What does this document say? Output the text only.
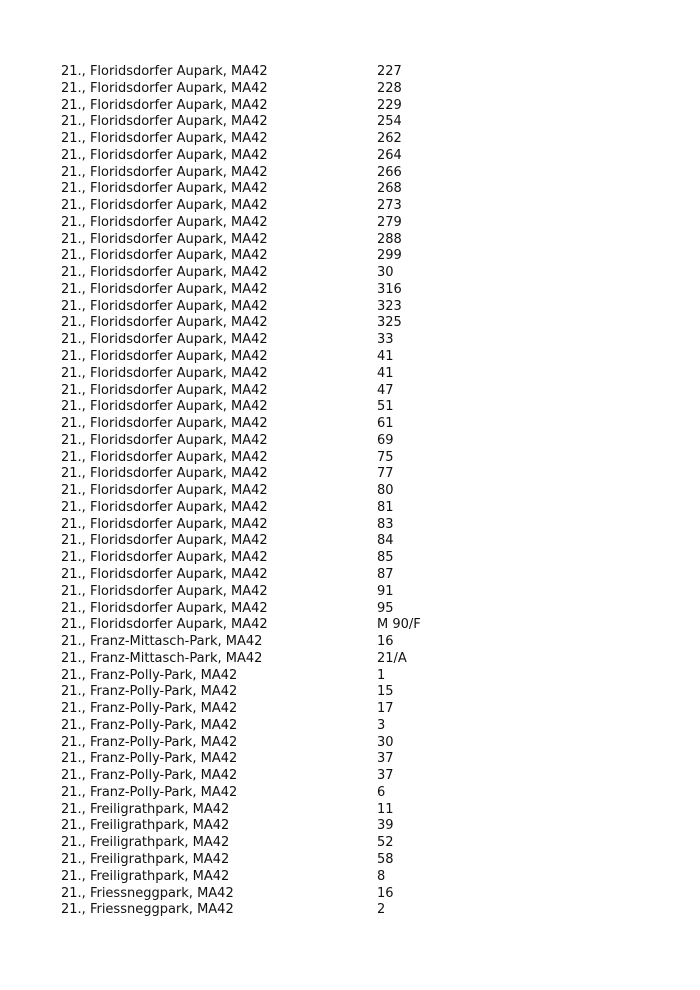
21., Floridsdorfer Aupark, MA42	227
21., Floridsdorfer Aupark, MA42	228
21., Floridsdorfer Aupark, MA42	229
21., Floridsdorfer Aupark, MA42	254
21., Floridsdorfer Aupark, MA42	262
21., Floridsdorfer Aupark, MA42	264
21., Floridsdorfer Aupark, MA42	266
21., Floridsdorfer Aupark, MA42	268
21., Floridsdorfer Aupark, MA42	273
21., Floridsdorfer Aupark, MA42	279
21., Floridsdorfer Aupark, MA42	288
21., Floridsdorfer Aupark, MA42	299
21., Floridsdorfer Aupark, MA42	30
21., Floridsdorfer Aupark, MA42	316
21., Floridsdorfer Aupark, MA42	323
21., Floridsdorfer Aupark, MA42	325
21., Floridsdorfer Aupark, MA42	33
21., Floridsdorfer Aupark, MA42	41
21., Floridsdorfer Aupark, MA42	41
21., Floridsdorfer Aupark, MA42	47
21., Floridsdorfer Aupark, MA42	51
21., Floridsdorfer Aupark, MA42	61
21., Floridsdorfer Aupark, MA42	69
21., Floridsdorfer Aupark, MA42	75
21., Floridsdorfer Aupark, MA42	77
21., Floridsdorfer Aupark, MA42	80
21., Floridsdorfer Aupark, MA42	81
21., Floridsdorfer Aupark, MA42	83
21., Floridsdorfer Aupark, MA42	84
21., Floridsdorfer Aupark, MA42	85
21., Floridsdorfer Aupark, MA42	87
21., Floridsdorfer Aupark, MA42	91
21., Floridsdorfer Aupark, MA42	95
21., Floridsdorfer Aupark, MA42	M 90/F
21., Franz-Mittasch-Park, MA42	16
21., Franz-Mittasch-Park, MA42	21/A
21., Franz-Polly-Park, MA42	1
21., Franz-Polly-Park, MA42	15
21., Franz-Polly-Park, MA42	17
21., Franz-Polly-Park, MA42	3
21., Franz-Polly-Park, MA42	30
21., Franz-Polly-Park, MA42	37
21., Franz-Polly-Park, MA42	37
21., Franz-Polly-Park, MA42	6
21., Freiligrathpark, MA42	11
21., Freiligrathpark, MA42	39
21., Freiligrathpark, MA42	52
21., Freiligrathpark, MA42	58
21., Freiligrathpark, MA42	8
21., Friessneggpark, MA42	16
21., Friessneggpark, MA42	2
